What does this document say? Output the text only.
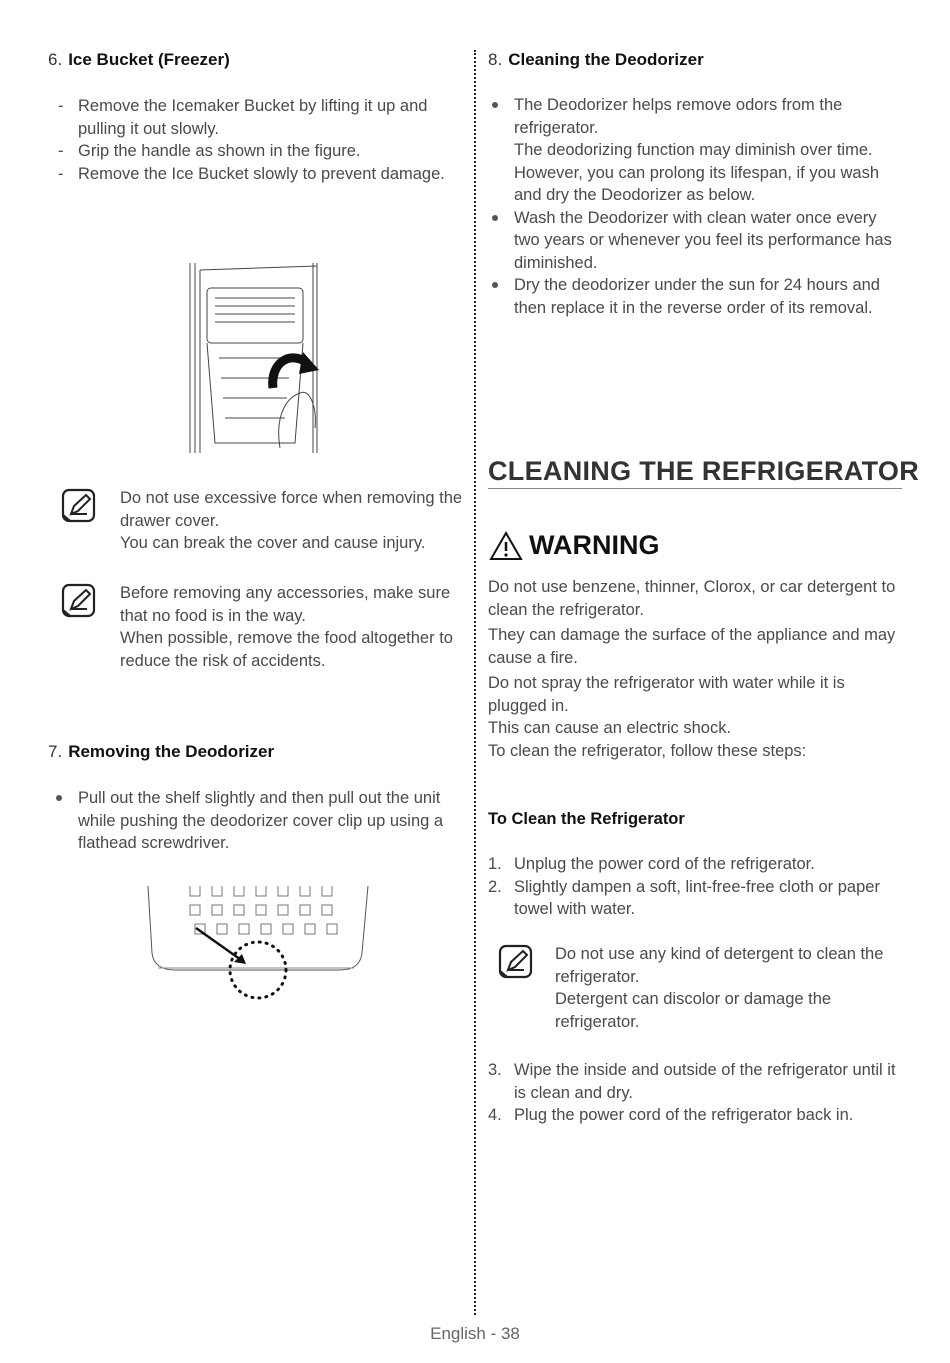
6. Ice Bucket (Freezer)
- Remove the Icemaker Bucket by lifting it up and pulling it out slowly.
- Grip the handle as shown in the figure.
- Remove the Ice Bucket slowly to prevent damage.
Do not use excessive force when removing the drawer cover.
You can break the cover and cause injury.
Before removing any accessories, make sure that no food is in the way.
When possible, remove the food altogether to reduce the risk of accidents.
7. Removing the Deodorizer
Pull out the shelf slightly and then pull out the unit while pushing the deodorizer cover clip up using a flathead screwdriver.
8. Cleaning the Deodorizer
The Deodorizer helps remove odors from the refrigerator.
The deodorizing function may diminish over time.
However, you can prolong its lifespan, if you wash and dry the Deodorizer as below.
Wash the Deodorizer with clean water once every two years or whenever you feel its performance has diminished.
Dry the deodorizer under the sun for 24 hours and then replace it in the reverse order of its removal.
CLEANING THE REFRIGERATOR
WARNING

Do not use benzene, thinner, Clorox, or car detergent to clean the refrigerator.

They can damage the surface of the appliance and may cause a fire.

Do not spray the refrigerator with water while it is plugged in.

This can cause an electric shock.

To clean the refrigerator, follow these steps:

To Clean the Refrigerator
1. Unplug the power cord of the refrigerator.
2. Slightly dampen a soft, lint-free-free cloth or paper towel with water.
Do not use any kind of detergent to clean the refrigerator.
Detergent can discolor or damage the refrigerator.
3. Wipe the inside and outside of the refrigerator until it is clean and dry.
4. Plug the power cord of the refrigerator back in.
English - 38
